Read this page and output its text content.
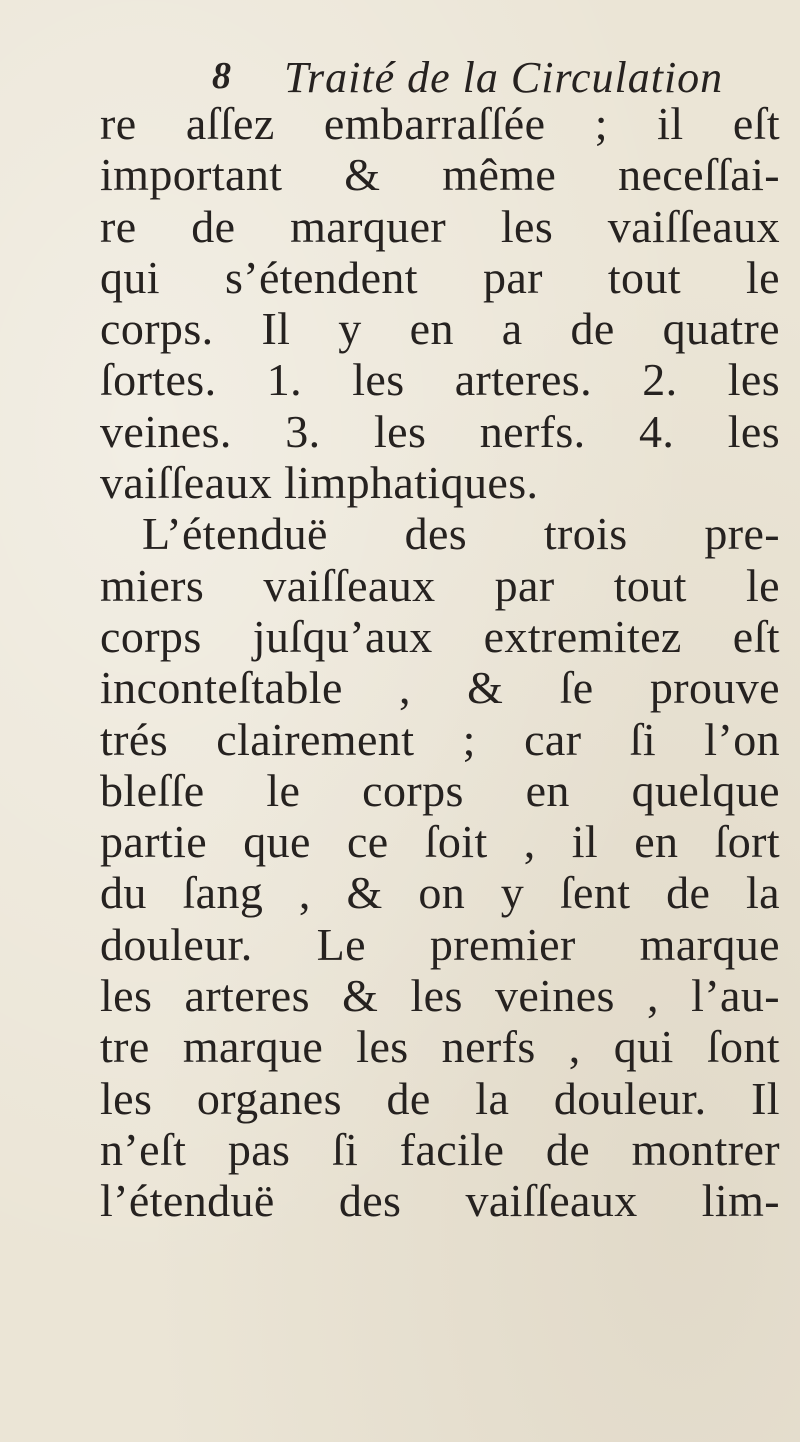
8 Traité de la Circulation
re aſſez embarraſſée ; il eſt
important & même neceſſai-
re de marquer les vaiſſeaux
qui s’étendent par tout le
corps. Il y en a de quatre
ſortes. 1. les arteres. 2. les
veines. 3. les nerfs. 4. les
vaiſſeaux limphatiques.
L’étenduë des trois pre-
miers vaiſſeaux par tout le
corps juſqu’aux extremitez eſt
inconteſtable , & ſe prouve
trés clairement ; car ſi l’on
bleſſe le corps en quelque
partie que ce ſoit , il en ſort
du ſang , & on y ſent de la
douleur. Le premier marque
les arteres & les veines , l’au-
tre marque les nerfs , qui ſont
les organes de la douleur. Il
n’eſt pas ſi facile de montrer
l’étenduë des vaiſſeaux lim-
